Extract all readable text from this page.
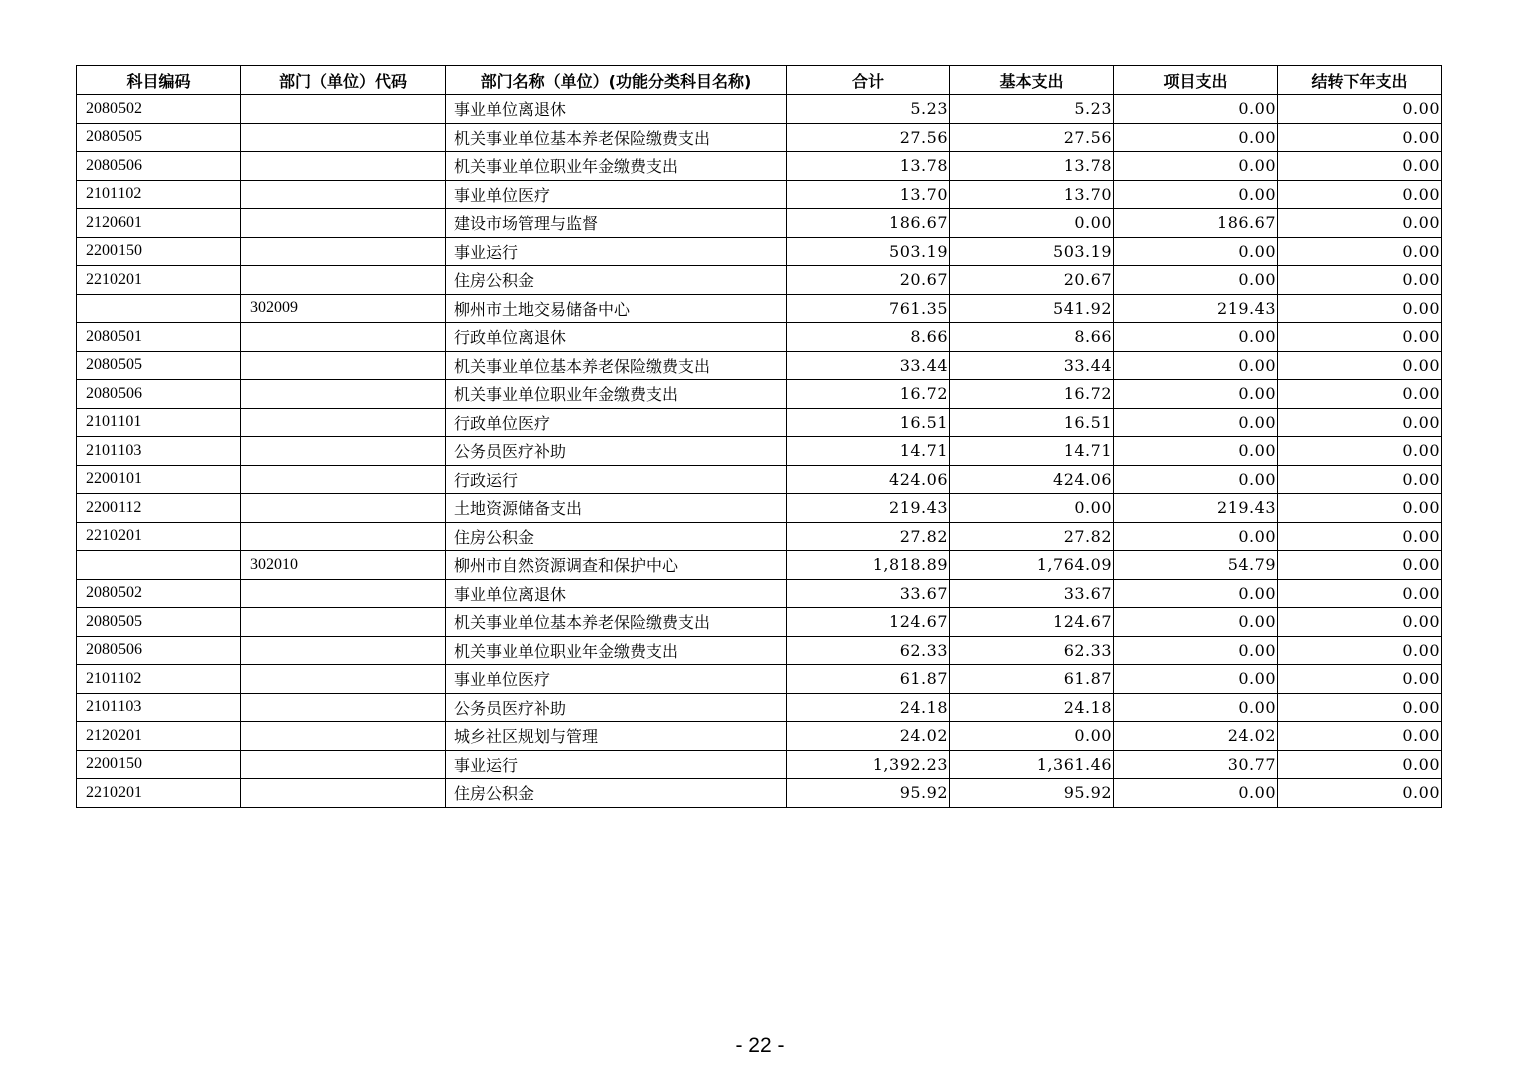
科目编码	部门（单位）代码	部门名称（单位）(功能分类科目名称)	合计	基本支出	项目支出	结转下年支出
2080502		事业单位离退休	5.23	5.23	0.00	0.00
2080505		机关事业单位基本养老保险缴费支出	27.56	27.56	0.00	0.00
2080506		机关事业单位职业年金缴费支出	13.78	13.78	0.00	0.00
2101102		事业单位医疗	13.70	13.70	0.00	0.00
2120601		建设市场管理与监督	186.67	0.00	186.67	0.00
2200150		事业运行	503.19	503.19	0.00	0.00
2210201		住房公积金	20.67	20.67	0.00	0.00
	302009	柳州市土地交易储备中心	761.35	541.92	219.43	0.00
2080501		行政单位离退休	8.66	8.66	0.00	0.00
2080505		机关事业单位基本养老保险缴费支出	33.44	33.44	0.00	0.00
2080506		机关事业单位职业年金缴费支出	16.72	16.72	0.00	0.00
2101101		行政单位医疗	16.51	16.51	0.00	0.00
2101103		公务员医疗补助	14.71	14.71	0.00	0.00
2200101		行政运行	424.06	424.06	0.00	0.00
2200112		土地资源储备支出	219.43	0.00	219.43	0.00
2210201		住房公积金	27.82	27.82	0.00	0.00
	302010	柳州市自然资源调查和保护中心	1,818.89	1,764.09	54.79	0.00
2080502		事业单位离退休	33.67	33.67	0.00	0.00
2080505		机关事业单位基本养老保险缴费支出	124.67	124.67	0.00	0.00
2080506		机关事业单位职业年金缴费支出	62.33	62.33	0.00	0.00
2101102		事业单位医疗	61.87	61.87	0.00	0.00
2101103		公务员医疗补助	24.18	24.18	0.00	0.00
2120201		城乡社区规划与管理	24.02	0.00	24.02	0.00
2200150		事业运行	1,392.23	1,361.46	30.77	0.00
2210201		住房公积金	95.92	95.92	0.00	0.00
- 22 -
